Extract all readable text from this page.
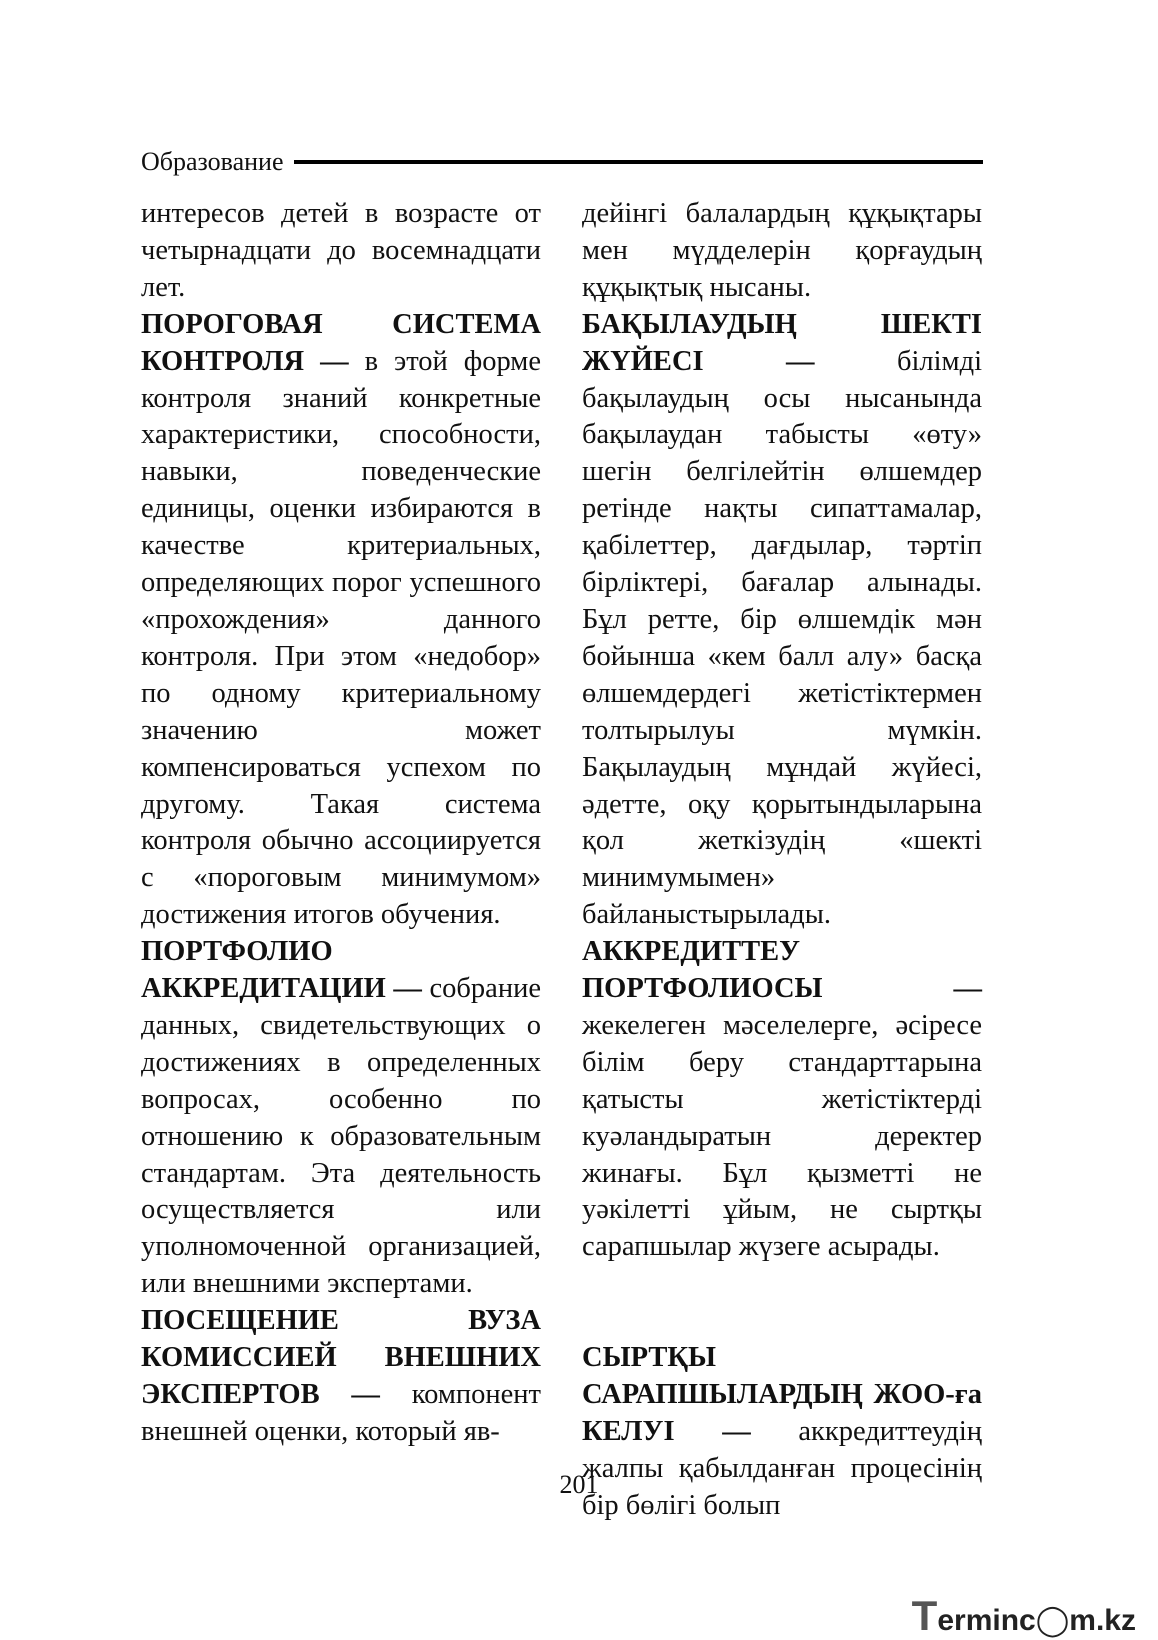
Образование

интересов детей в возрасте от четырнадцати до восемнадцати лет.

ПОРОГОВАЯ СИСТЕМА КОНТРОЛЯ — в этой форме контроля знаний конкретные характеристики, способности, навыки, поведенческие единицы, оценки избираются в качестве критериальных, определяющих порог успешного «прохождения» данного контроля. При этом «недобор» по одному критериальному значению может компенсироваться успехом по другому. Такая система контроля обычно ассоциируется с «пороговым минимумом» достижения итогов обучения.

ПОРТФОЛИО АККРЕДИТАЦИИ — собрание данных, свидетельствующих о достижениях в определенных вопросах, особенно по отношению к образовательным стандартам. Эта деятельность осуществляется или уполномоченной организацией, или внешними экспертами.

ПОСЕЩЕНИЕ ВУЗА КОМИССИЕЙ ВНЕШНИХ ЭКСПЕРТОВ — компонент внешней оценки, который яв-

дейінгі балалардың құқықтары мен мүдделерін қорғаудың құқықтық нысаны.

БАҚЫЛАУДЫҢ ШЕКТІ ЖҮЙЕСІ — білімді бақылаудың осы нысанында бақылаудан табысты «өту» шегін белгілейтін өлшемдер ретінде нақты сипаттамалар, қабілеттер, дағдылар, тәртіп бірліктері, бағалар алынады. Бұл ретте, бір өлшемдік мән бойынша «кем балл алу» басқа өлшемдердегі жетістіктермен толтырылуы мүмкін. Бақылаудың мұндай жүйесі, әдетте, оқу қорытындыларына қол жеткізудің «шекті минимумымен» байланыстырылады.

АККРЕДИТТЕУ ПОРТФОЛИОСЫ — жекелеген мәселелерге, әсіресе білім беру стандарттарына қатысты жетістіктерді куәландыратын деректер жинағы. Бұл қызметті не уәкілетті ұйым, не сыртқы сарапшылар жүзеге асырады.

СЫРТҚЫ САРАПШЫЛАРДЫҢ ЖОО-ға КЕЛУІ — аккредиттеудің жалпы қабылданған процесінің бір бөлігі болып

201
Terminc◯m.kz
